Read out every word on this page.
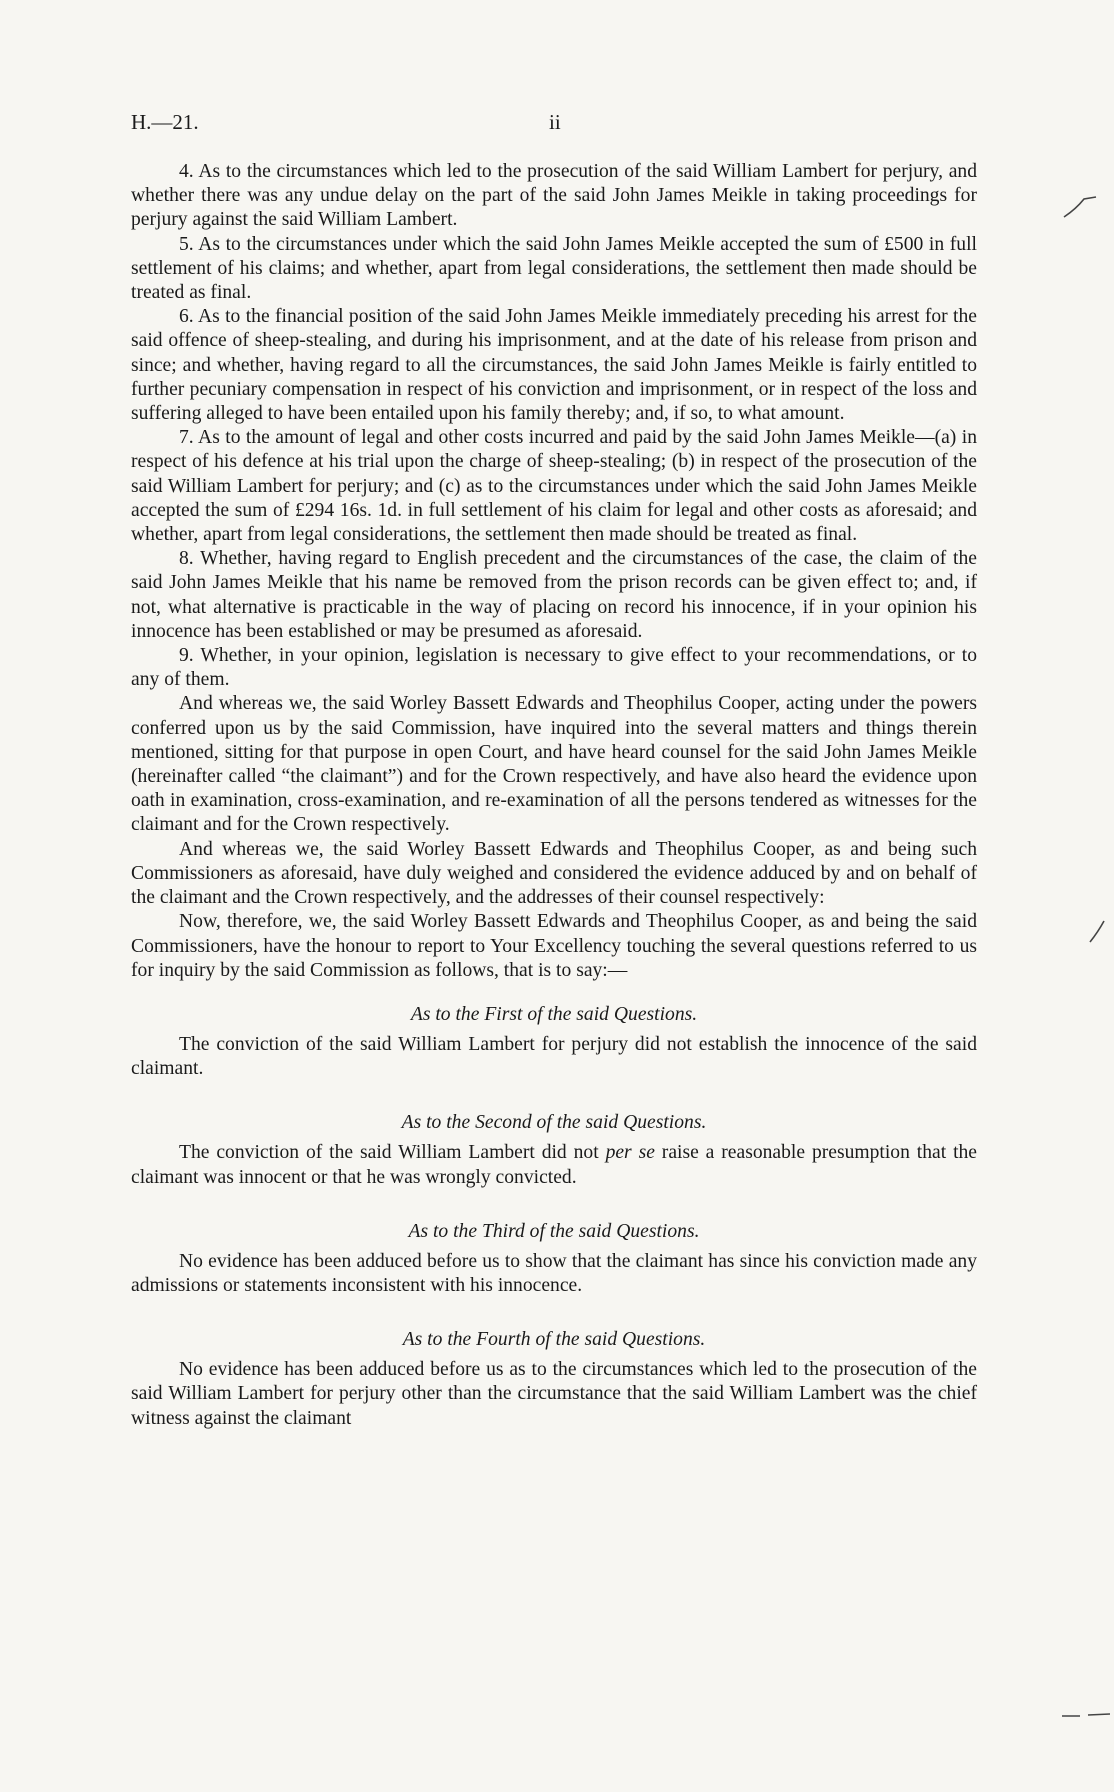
H.—21.	ii

4. As to the circumstances which led to the prosecution of the said William Lambert for perjury, and whether there was any undue delay on the part of the said John James Meikle in taking proceedings for perjury against the said William Lambert.

5. As to the circumstances under which the said John James Meikle accepted the sum of £500 in full settlement of his claims; and whether, apart from legal considerations, the settlement then made should be treated as final.

6. As to the financial position of the said John James Meikle immediately preceding his arrest for the said offence of sheep-stealing, and during his imprisonment, and at the date of his release from prison and since; and whether, having regard to all the circumstances, the said John James Meikle is fairly entitled to further pecuniary compensation in respect of his conviction and imprisonment, or in respect of the loss and suffering alleged to have been entailed upon his family thereby; and, if so, to what amount.

7. As to the amount of legal and other costs incurred and paid by the said John James Meikle—(a) in respect of his defence at his trial upon the charge of sheep-stealing; (b) in respect of the prosecution of the said William Lambert for perjury; and (c) as to the circumstances under which the said John James Meikle accepted the sum of £294 16s. 1d. in full settlement of his claim for legal and other costs as aforesaid; and whether, apart from legal considerations, the settlement then made should be treated as final.

8. Whether, having regard to English precedent and the circumstances of the case, the claim of the said John James Meikle that his name be removed from the prison records can be given effect to; and, if not, what alternative is practicable in the way of placing on record his innocence, if in your opinion his innocence has been established or may be presumed as aforesaid.

9. Whether, in your opinion, legislation is necessary to give effect to your recommendations, or to any of them.

And whereas we, the said Worley Bassett Edwards and Theophilus Cooper, acting under the powers conferred upon us by the said Commission, have inquired into the several matters and things therein mentioned, sitting for that purpose in open Court, and have heard counsel for the said John James Meikle (hereinafter called “the claimant”) and for the Crown respectively, and have also heard the evidence upon oath in examination, cross-examination, and re-examination of all the persons tendered as witnesses for the claimant and for the Crown respectively.

And whereas we, the said Worley Bassett Edwards and Theophilus Cooper, as and being such Commissioners as aforesaid, have duly weighed and considered the evidence adduced by and on behalf of the claimant and the Crown respectively, and the addresses of their counsel respectively:

Now, therefore, we, the said Worley Bassett Edwards and Theophilus Cooper, as and being the said Commissioners, have the honour to report to Your Excellency touching the several questions referred to us for inquiry by the said Commission as follows, that is to say:—

As to the First of the said Questions.

The conviction of the said William Lambert for perjury did not establish the innocence of the said claimant.

As to the Second of the said Questions.

The conviction of the said William Lambert did not per se raise a reasonable presumption that the claimant was innocent or that he was wrongly convicted.

As to the Third of the said Questions.

No evidence has been adduced before us to show that the claimant has since his conviction made any admissions or statements inconsistent with his innocence.

As to the Fourth of the said Questions.

No evidence has been adduced before us as to the circumstances which led to the prosecution of the said William Lambert for perjury other than the circumstance that the said William Lambert was the chief witness against the claimant
